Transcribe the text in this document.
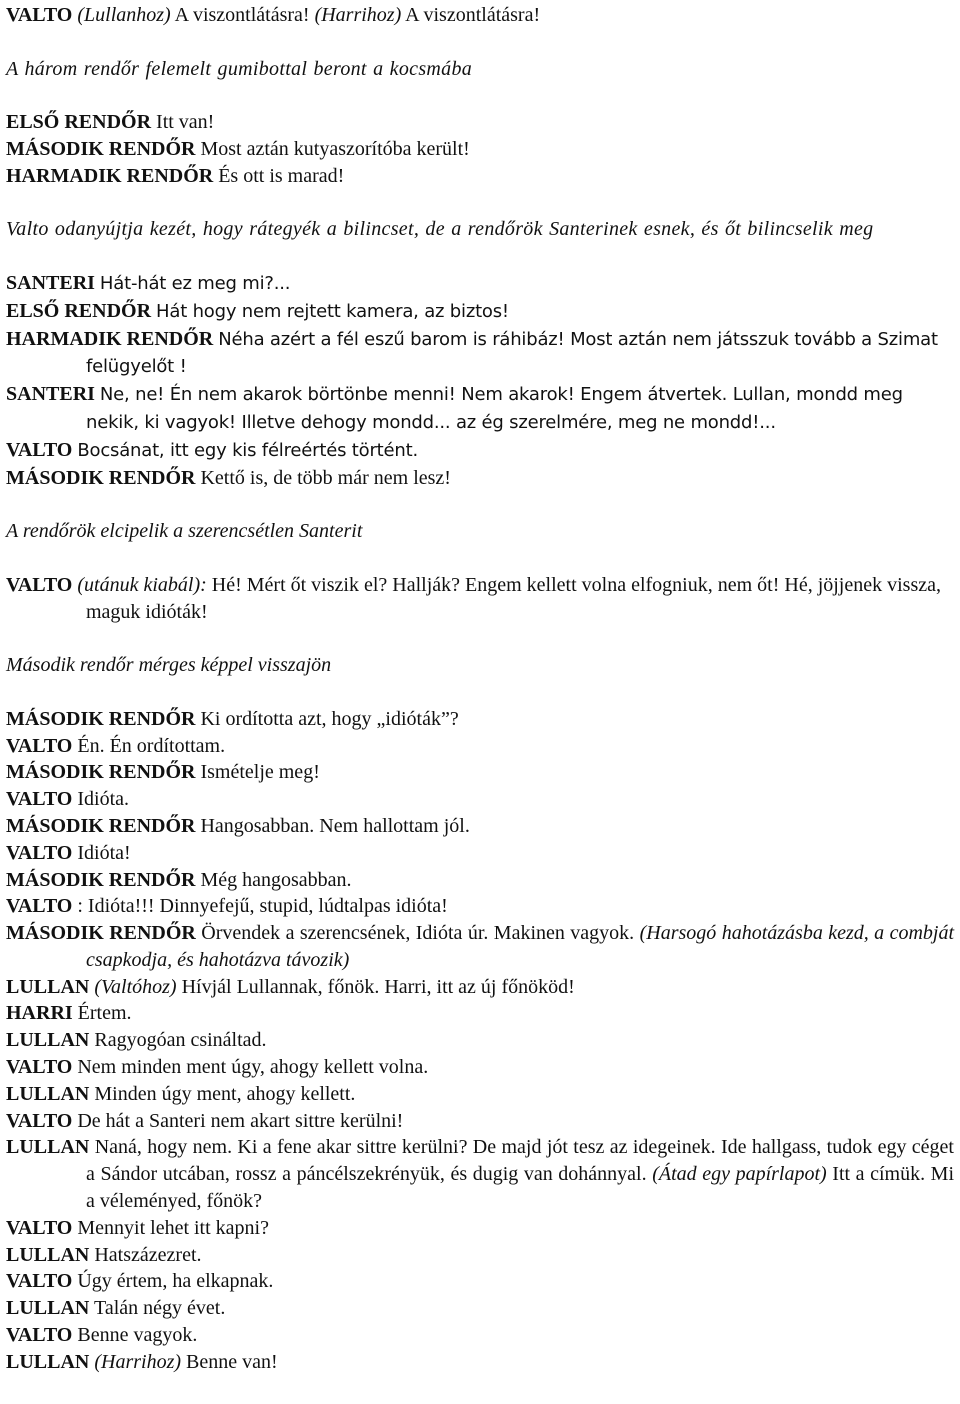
VALTO (Lullanhoz) A viszontlátásra! (Harrihoz) A viszontlátásra!
A három rendőr felemelt gumibottal beront a kocsmába
ELSŐ RENDŐR Itt van!
MÁSODIK RENDŐR Most aztán kutyaszorítóba került!
HARMADIK RENDŐR És ott is marad!
Valto odanyújtja kezét, hogy rátegyék a bilincset, de a rendőrök Santerinek esnek, és őt bilincselik meg
SANTERI Hát-hát ez meg mi?...
ELSŐ RENDŐR Hát hogy nem rejtett kamera, az biztos!
HARMADIK RENDŐR Néha azért a fél eszű barom is ráhibáz! Most aztán nem játsszuk tovább a Szimat felügyelőt !
SANTERI Ne, ne! Én nem akarok börtönbe menni! Nem akarok! Engem átvertek. Lullan, mondd meg nekik, ki vagyok! Illetve dehogy mondd... az ég szerelmére, meg ne mondd!...
VALTO Bocsánat, itt egy kis félreértés történt.
MÁSODIK RENDŐR Kettő is, de több már nem lesz!
A rendőrök elcipelik a szerencsétlen Santerit
VALTO (utánuk kiabál): Hé! Mért őt viszik el? Hallják? Engem kellett volna elfogniuk, nem őt! Hé, jöjjenek vissza, maguk idióták!
Második rendőr mérges képpel visszajön
MÁSODIK RENDŐR Ki ordította azt, hogy „idióták”?
VALTO Én. Én ordítottam.
MÁSODIK RENDŐR Ismételje meg!
VALTO Idióta.
MÁSODIK RENDŐR Hangosabban. Nem hallottam jól.
VALTO Idióta!
MÁSODIK RENDŐR Még hangosabban.
VALTO : Idióta!!! Dinnyefejű, stupid, lúdtalpas idióta!
MÁSODIK RENDŐR Örvendek a szerencsének, Idióta úr. Makinen vagyok. (Harsogó hahotázásba kezd, a combját csapkodja, és hahotázva távozik)
LULLAN (Valtóhoz) Hívjál Lullannak, főnök. Harri, itt az új főnököd!
HARRI Értem.
LULLAN Ragyogóan csináltad.
VALTO Nem minden ment úgy, ahogy kellett volna.
LULLAN Minden úgy ment, ahogy kellett.
VALTO De hát a Santeri nem akart sittre kerülni!
LULLAN Naná, hogy nem. Ki a fene akar sittre kerülni? De majd jót tesz az idegeinek. Ide hallgass, tudok egy céget a Sándor utcában, rossz a páncélszekrényük, és dugig van dohánnyal. (Átad egy papírlapot) Itt a címük. Mi a véleményed, főnök?
VALTO Mennyit lehet itt kapni?
LULLAN Hatszázezret.
VALTO Úgy értem, ha elkapnak.
LULLAN Talán négy évet.
VALTO Benne vagyok.
LULLAN (Harrihoz) Benne van!
